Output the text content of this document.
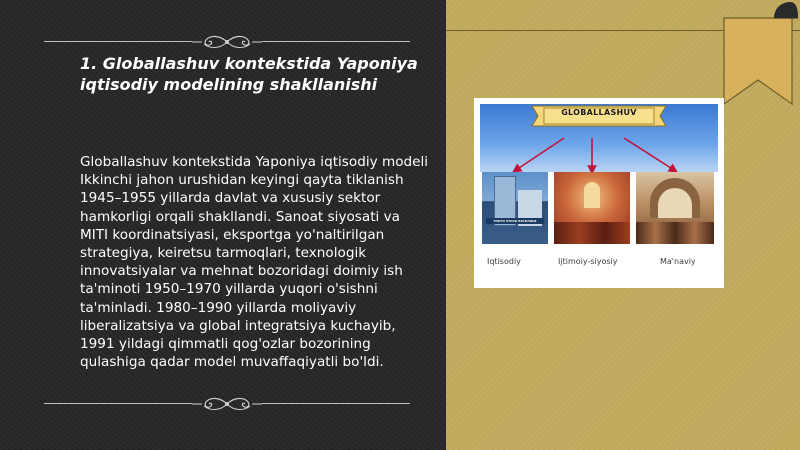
1. Globallashuv kontekstida Yaponiya iqtisodiy modelining shakllanishi
Globallashuv kontekstida Yaponiya iqtisodiy modeli Ikkinchi jahon urushidan keyingi qayta tiklanish 1945–1955 yillarda davlat va xususiy sektor hamkorligi orqali shakllandi. Sanoat siyosati va MITI koordinatsiyasi, eksportga yo'naltirilgan strategiya, keiretsu tarmoqlari, texnologik innovatsiyalar va mehnat bozoridagi doimiy ish ta'minoti 1950–1970 yillarda yuqori o'sishni ta'minladi. 1980–1990 yillarda moliyaviy liberalizatsiya va global integratsiya kuchayib, 1991 yildagi qimmatli qog'ozlar bozorining qulashiga qadar model muvaffaqiyatli bo'ldi.
GLOBALLASHUV
TOKYO STOCK EXCHANGE
Iqtisodiy	Ijtimoiy-siyosiy	Ma'naviy
